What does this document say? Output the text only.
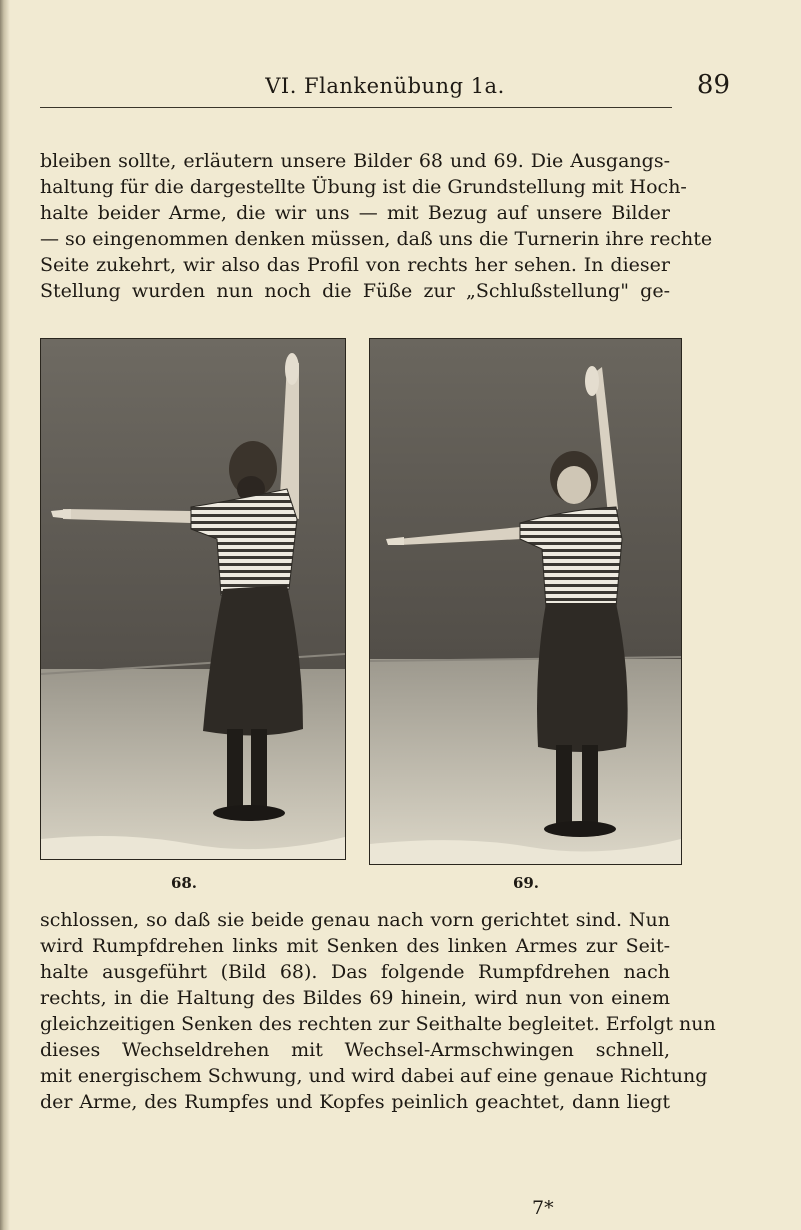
VI. Flankenübung 1a.	89
bleiben sollte, erläutern unsere Bilder 68 und 69. Die Ausgangs-
haltung für die dargestellte Übung ist die Grundstellung mit Hoch-
halte beider Arme, die wir uns — mit Bezug auf unsere Bilder
— so eingenommen denken müssen, daß uns die Turnerin ihre rechte
Seite zukehrt, wir also das Profil von rechts her sehen. In dieser
Stellung wurden nun noch die Füße zur „Schlußstellung" ge-
68.	69.
schlossen, so daß sie beide genau nach vorn gerichtet sind. Nun
wird Rumpfdrehen links mit Senken des linken Armes zur Seit-
halte ausgeführt (Bild 68). Das folgende Rumpfdrehen nach
rechts, in die Haltung des Bildes 69 hinein, wird nun von einem
gleichzeitigen Senken des rechten zur Seithalte begleitet. Erfolgt nun
dieses Wechseldrehen mit Wechsel-Armschwingen schnell,
mit energischem Schwung, und wird dabei auf eine genaue Richtung
der Arme, des Rumpfes und Kopfes peinlich geachtet, dann liegt
7*
